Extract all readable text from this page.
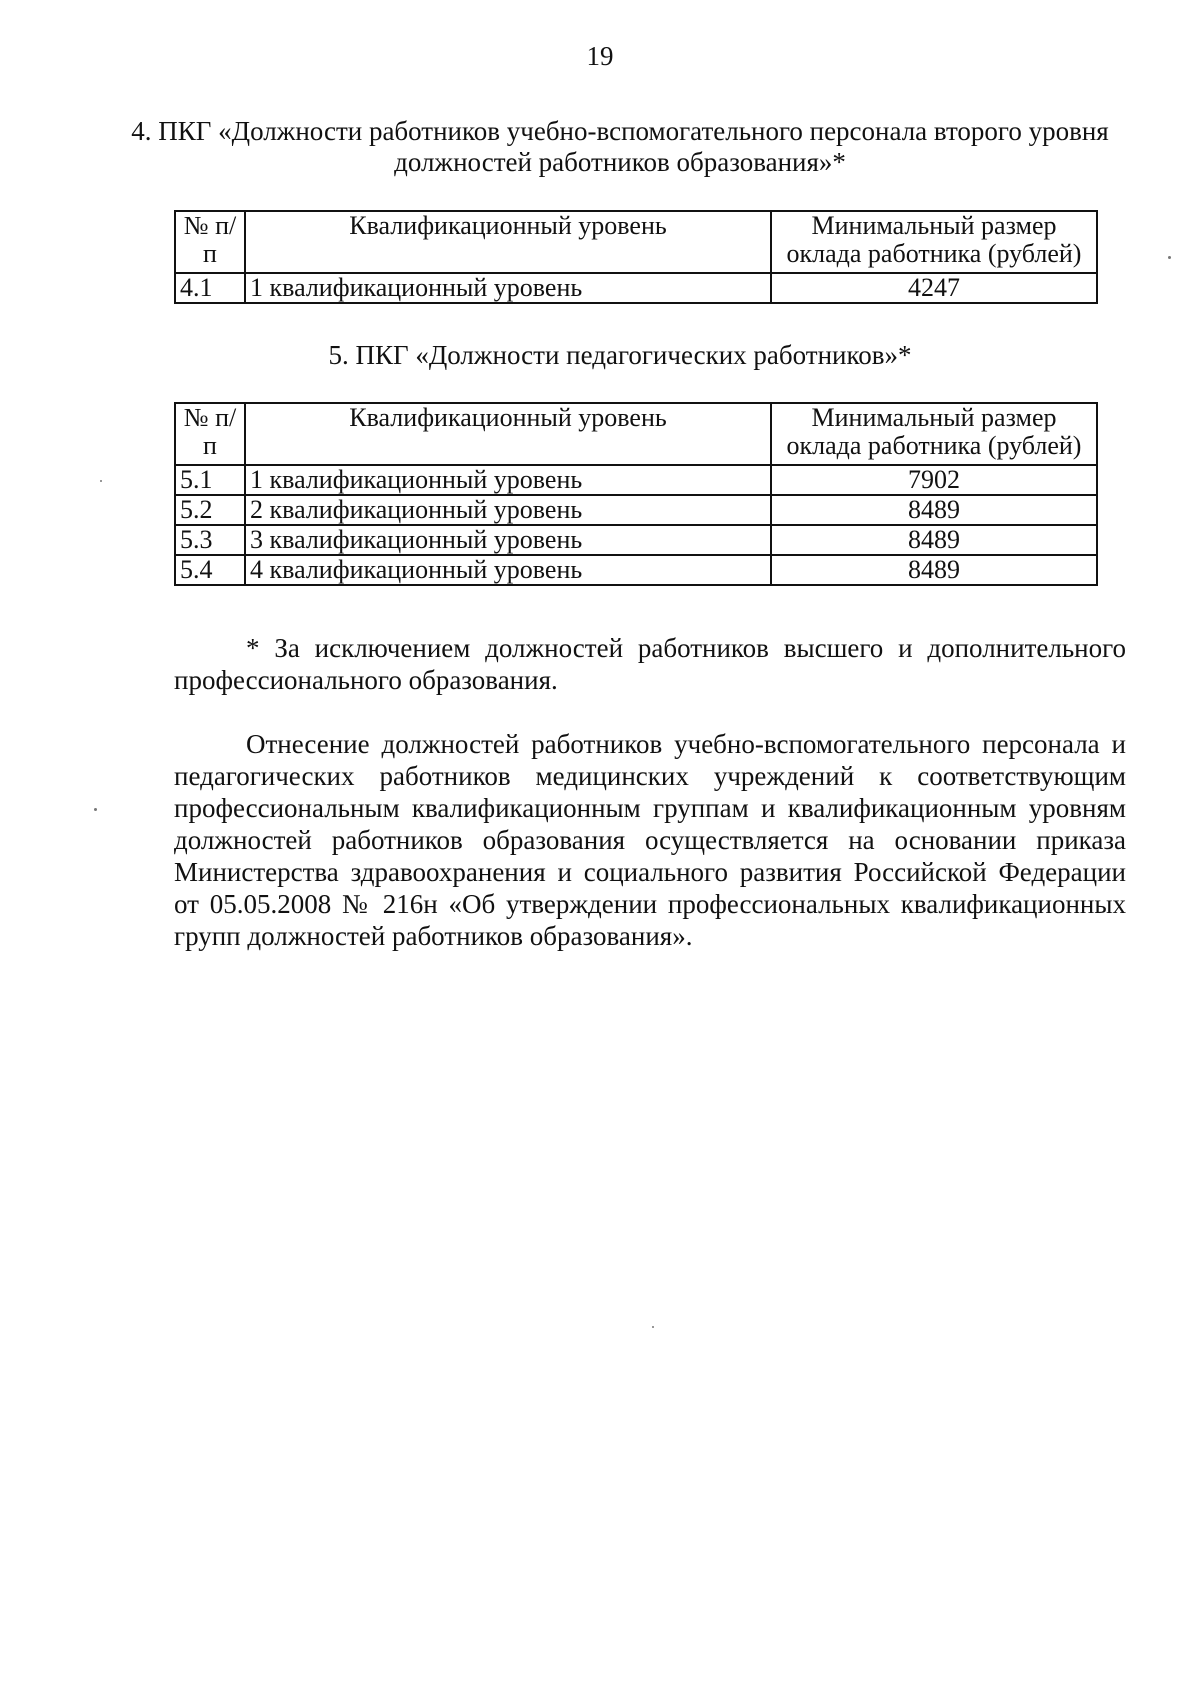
19
4. ПКГ «Должности работников учебно-вспомогательного персонала второго уровня должностей работников образования»*
№ п/п	Квалификационный уровень	Минимальный размер оклада работника (рублей)
4.1	1 квалификационный уровень	4247
5. ПКГ «Должности педагогических работников»*
№ п/п	Квалификационный уровень	Минимальный размер оклада работника (рублей)
5.1	1 квалификационный уровень	7902
5.2	2 квалификационный уровень	8489
5.3	3 квалификационный уровень	8489
5.4	4 квалификационный уровень	8489
* За исключением должностей работников высшего и дополнительного профессионального образования.
Отнесение должностей работников учебно-вспомогательного персонала и педагогических работников медицинских учреждений к соответствующим профессиональным квалификационным группам и квалификационным уровням должностей работников образования осуществляется на основании приказа Министерства здравоохранения и социального развития Российской Федерации от 05.05.2008 № 216н «Об утверждении профессиональных квалификационных групп должностей работников образования».
